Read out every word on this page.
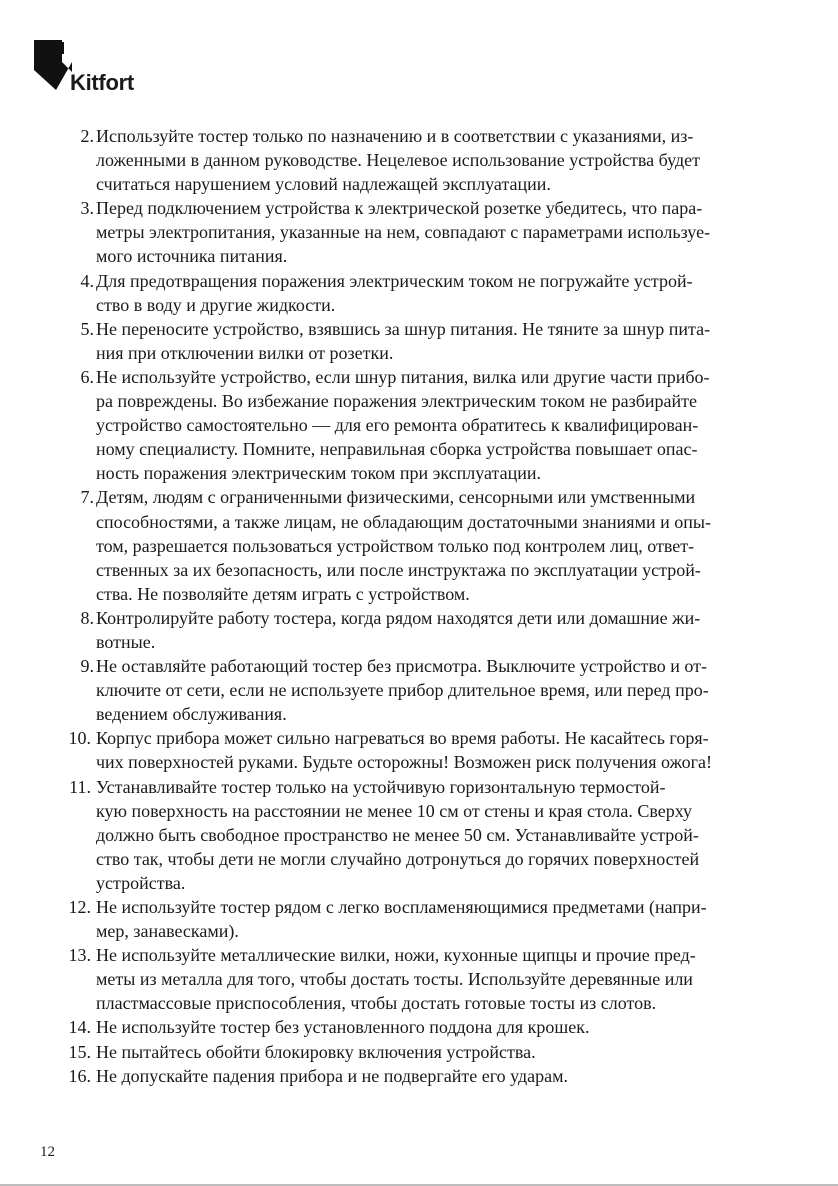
Kitfort
2. Используйте тостер только по назначению и в соответствии с указаниями, из-
ложенными в данном руководстве. Нецелевое использование устройства будет
считаться нарушением условий надлежащей эксплуатации.
3. Перед подключением устройства к электрической розетке убедитесь, что пара-
метры электропитания, указанные на нем, совпадают с параметрами используе-
мого источника питания.
4. Для предотвращения поражения электрическим током не погружайте устрой-
ство в воду и другие жидкости.
5. Не переносите устройство, взявшись за шнур питания. Не тяните за шнур пита-
ния при отключении вилки от розетки.
6. Не используйте устройство, если шнур питания, вилка или другие части прибо-
ра повреждены. Во избежание поражения электрическим током не разбирайте
устройство самостоятельно — для его ремонта обратитесь к квалифицирован-
ному специалисту. Помните, неправильная сборка устройства повышает опас-
ность поражения электрическим током при эксплуатации.
7. Детям, людям с ограниченными физическими, сенсорными или умственными
способностями, а также лицам, не обладающим достаточными знаниями и опы-
том, разрешается пользоваться устройством только под контролем лиц, ответ-
ственных за их безопасность, или после инструктажа по эксплуатации устрой-
ства. Не позволяйте детям играть с устройством.
8. Контролируйте работу тостера, когда рядом находятся дети или домашние жи-
вотные.
9. Не оставляйте работающий тостер без присмотра. Выключите устройство и от-
ключите от сети, если не используете прибор длительное время, или перед про-
ведением обслуживания.
10. Корпус прибора может сильно нагреваться во время работы. Не касайтесь горя-
чих поверхностей руками. Будьте осторожны! Возможен риск получения ожога!
11. Устанавливайте тостер только на устойчивую горизонтальную термостой-
кую поверхность на расстоянии не менее 10 см от стены и края стола. Сверху
должно быть свободное пространство не менее 50 см. Устанавливайте устрой-
ство так, чтобы дети не могли случайно дотронуться до горячих поверхностей
устройства.
12. Не используйте тостер рядом с легко воспламеняющимися предметами (напри-
мер, занавесками).
13. Не используйте металлические вилки, ножи, кухонные щипцы и прочие пред-
меты из металла для того, чтобы достать тосты. Используйте деревянные или
пластмассовые приспособления, чтобы достать готовые тосты из слотов.
14. Не используйте тостер без установленного поддона для крошек.
15. Не пытайтесь обойти блокировку включения устройства.
16. Не допускайте падения прибора и не подвергайте его ударам.
12
